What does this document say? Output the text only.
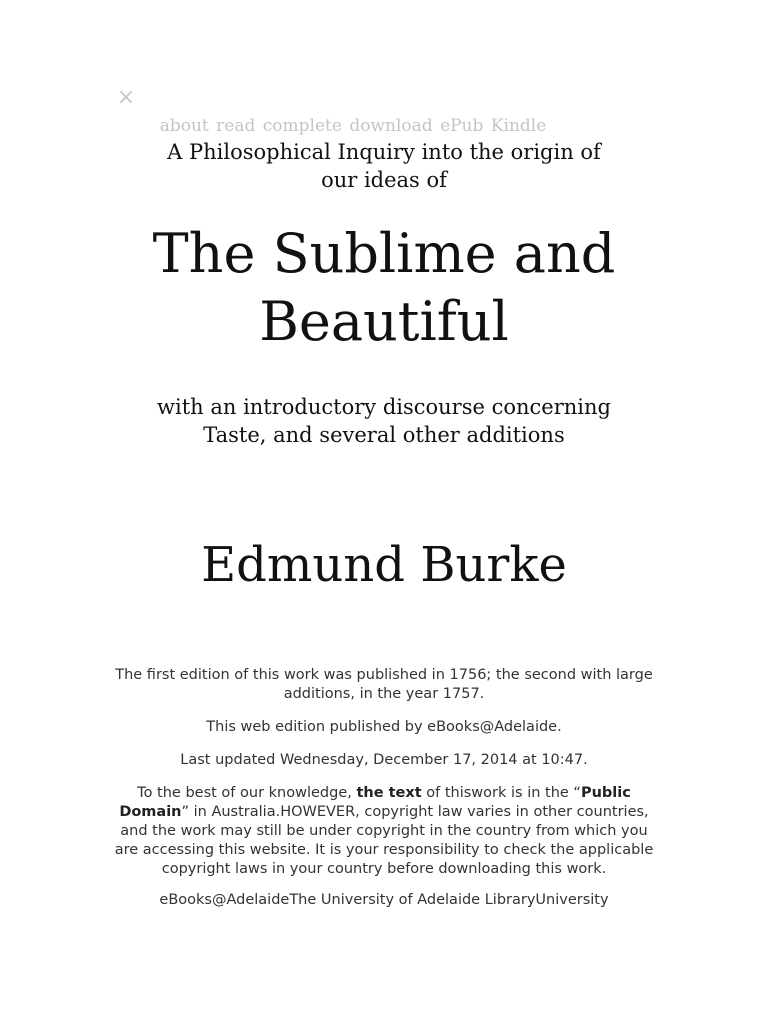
×
about read complete download ePub Kindle
A Philosophical Inquiry into the origin of
our ideas of
The Sublime and
Beautiful
with an introductory discourse concerning
Taste, and several other additions
Edmund Burke

The first edition of this work was published in 1756; the second with large additions, in the year 1757.

This web edition published by eBooks@Adelaide.

Last updated Wednesday, December 17, 2014 at 10:47.

To the best of our knowledge, the text of thiswork is in the “Public Domain” in Australia.HOWEVER, copyright law varies in other countries, and the work may still be under copyright in the country from which you are accessing this website. It is your responsibility to check the applicable copyright laws in your country before downloading this work.

eBooks@AdelaideThe University of Adelaide LibraryUniversity
